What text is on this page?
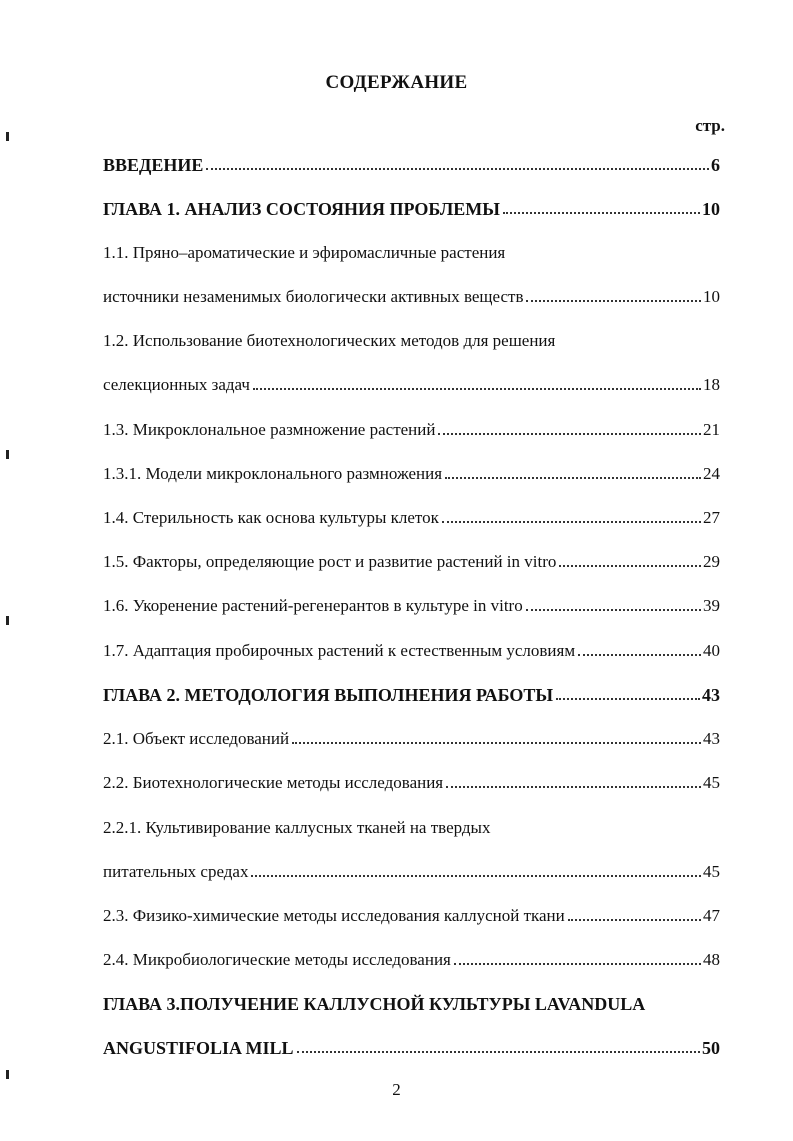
СОДЕРЖАНИЕ
стр.
ВВЕДЕНИЕ	6
ГЛАВА 1. АНАЛИЗ СОСТОЯНИЯ ПРОБЛЕМЫ	10
1.1. Пряно–ароматические и эфиромасличные растения
источники незаменимых биологически активных веществ	10
1.2. Использование биотехнологических методов для решения
селекционных задач	18
1.3. Микроклональное размножение растений	21
1.3.1. Модели микроклонального размножения	24
1.4. Стерильность как основа культуры клеток	27
1.5. Факторы, определяющие рост и развитие растений in vitro	29
1.6. Укоренение растений-регенерантов в культуре in vitro	39
1.7. Адаптация пробирочных растений к естественным условиям	40
ГЛАВА 2. МЕТОДОЛОГИЯ ВЫПОЛНЕНИЯ РАБОТЫ	43
2.1. Объект исследований	43
2.2. Биотехнологические методы исследования	45
2.2.1. Культивирование каллусных тканей на твердых
питательных средах	45
2.3. Физико-химические методы исследования каллусной ткани	47
2.4. Микробиологические методы исследования	48
ГЛАВА 3.ПОЛУЧЕНИЕ КАЛЛУСНОЙ КУЛЬТУРЫ LAVANDULA
ANGUSTIFOLIA MILL	50
2
